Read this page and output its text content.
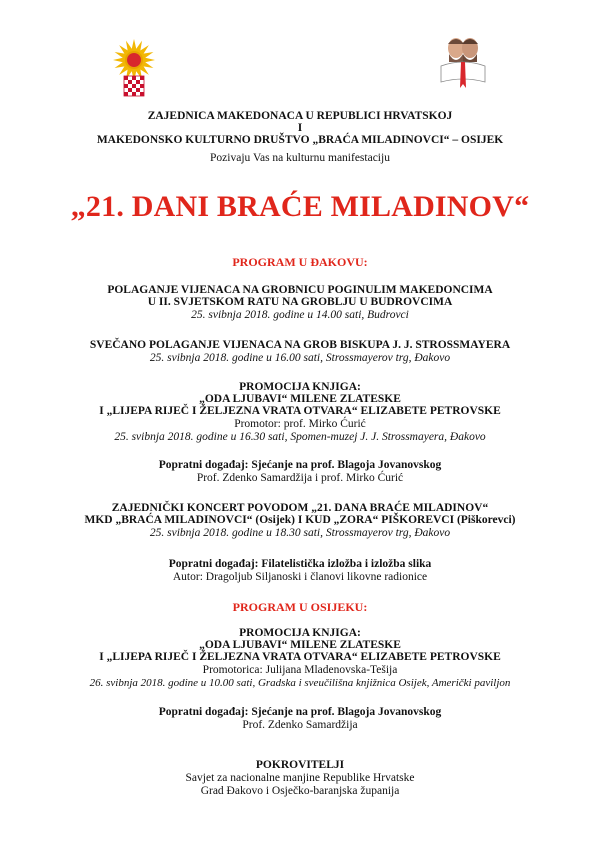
ZAJEDNICA MAKEDONACA U REPUBLICI HRVATSKOJ
I
MAKEDONSKO KULTURNO DRUŠTVO „BRAĆA MILADINOVCI“ – OSIJEK
Pozivaju Vas na kulturnu manifestaciju
„21. DANI BRAĆE MILADINOV“
PROGRAM U ĐAKOVU:
POLAGANJE VIJENACA NA GROBNICU POGINULIM MAKEDONCIMA
U II. SVJETSKOM RATU NA GROBLJU U BUDROVCIMA
25. svibnja 2018. godine u 14.00 sati, Budrovci
SVEČANO POLAGANJE VIJENACA NA GROB BISKUPA J. J. STROSSMAYERA
25. svibnja 2018. godine u 16.00 sati, Strossmayerov trg, Đakovo
PROMOCIJA KNJIGA:
„ODA LJUBAVI“ MILENE ZLATESKE
I „LIJEPA RIJEČ I ŽELJEZNA VRATA OTVARA“ ELIZABETE PETROVSKE
Promotor: prof. Mirko Ćurić
25. svibnja 2018. godine u 16.30 sati, Spomen-muzej J. J. Strossmayera, Đakovo
Popratni događaj: Sjećanje na prof. Blagoja Jovanovskog
Prof. Zdenko Samardžija i prof. Mirko Ćurić
ZAJEDNIČKI KONCERT POVODOM „21. DANA BRAĆE MILADINOV“
MKD „BRAĆA MILADINOVCI“ (Osijek) I KUD „ZORA“ PIŠKOREVCI (Piškorevci)
25. svibnja 2018. godine u 18.30 sati, Strossmayerov trg, Đakovo
Popratni događaj: Filatelistička izložba i izložba slika
Autor: Dragoljub Siljanoski i članovi likovne radionice
PROGRAM U OSIJEKU:
PROMOCIJA KNJIGA:
„ODA LJUBAVI“ MILENE ZLATESKE
I „LIJEPA RIJEČ I ŽELJEZNA VRATA OTVARA“ ELIZABETE PETROVSKE
Promotorica: Julijana Mladenovska-Tešija
26. svibnja 2018. godine u 10.00 sati, Gradska i sveučilišna knjižnica Osijek, Američki paviljon
Popratni događaj: Sjećanje na prof. Blagoja Jovanovskog
Prof. Zdenko Samardžija
POKROVITELJI
Savjet za nacionalne manjine Republike Hrvatske
Grad Đakovo i Osječko-baranjska županija
